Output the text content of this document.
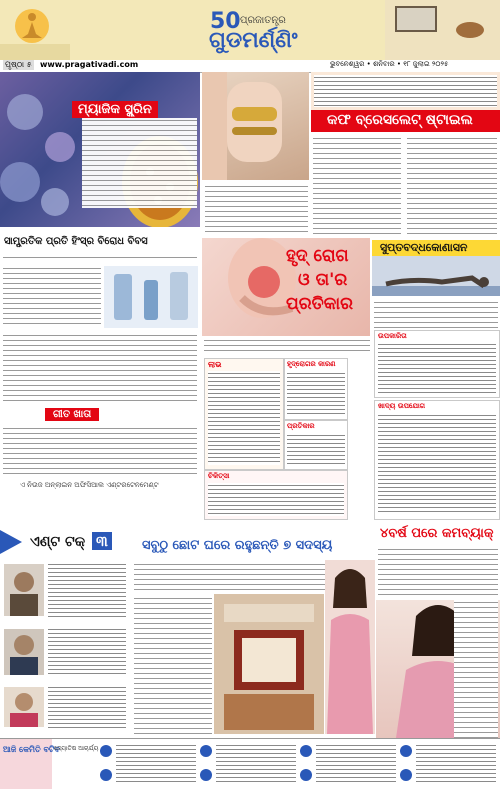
50 ପ୍ରଜାତନ୍ତ୍ର
ଗୁଡମର୍ଣ୍ଣିଂ
ପୃଷ୍ଠା ୫ www.pragativadi.com	ଭୁବନେଶ୍ୱର • ଶନିବାର • ୧୮ ଜୁଲାଇ ୨୦୨୫
ମ୍ୟାଜିକ ସ୍କ୍ରିନ
କଫ ବ୍ରେସଲେଟ୍ ଷ୍ଟାଇଲ
ସାମ୍ପ୍ରତିକ ପ୍ରତି ହିଂସ୍ର ବିରୋଧ ବିବସ
ଗୀତ ଖାତା
ଏ ନିଉଜ ଅନ୍‌ଲାଇନ ଅଫିସିଆଲ ଏଣ୍ଟରଟେନମେଣ୍ଟ
ହୃଦ୍ ରୋଗ
ଓ ତା'ର
ପ୍ରତିକାର
ଲାଭ	ହୃଦ୍‌ରୋଗର କାରଣ
ପ୍ରତିକାର
ଚିକିତ୍ସା
ଖାଦ୍ୟ ଉପଯୋଗ
ସୁପ୍ତବଦ୍ଧକୋଣାସନ
ଉପକାରିତା
ଏଣ୍ଟ ଟକ୍ ୩	ସବୁଠୁ ଛୋଟ ଘରେ ରହୁଛନ୍ତି ୭ ସଦସ୍ୟ
୪ବର୍ଷ ପରେ କମବ୍ୟାକ୍
ଆଜି କେମିତି ବଟିବ
ଜ୍ୟୋତିଷ ଆଚାର୍ଯ୍ୟ
